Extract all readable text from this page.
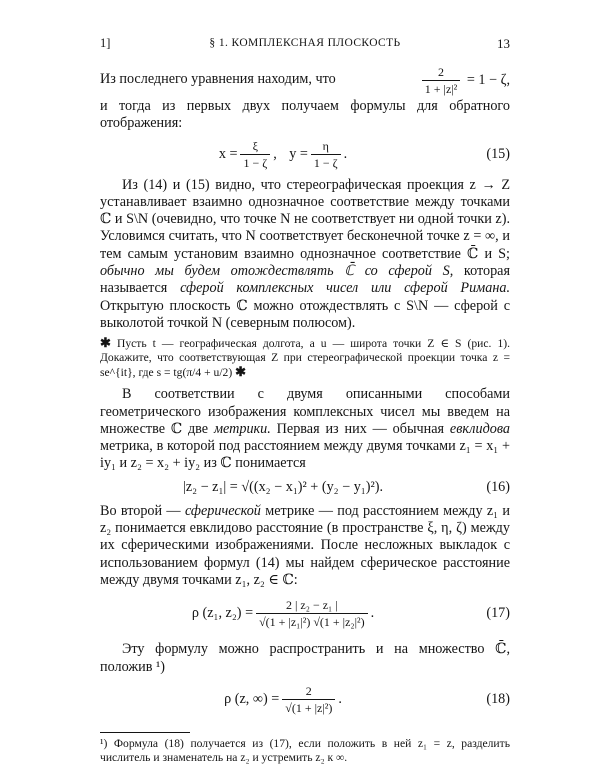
1]	§ 1. КОМПЛЕКСНАЯ ПЛОСКОСТЬ	13
Из последнего уравнения находим, что	$\frac{2}{\text{1 + |z|²}} = 1 - \zeta$,

и тогда из первых двух получаем формулы для обратного отображения:

$x = \frac{\xi}{1 - \zeta}$ , $y = \frac{\eta}{1 - \zeta}$ .	(15)

Из (14) и (15) видно, что стереографическая проекция z → Z устанавливает взаимно однозначное соответствие между точками ℂ и S\N (очевидно, что точке N не соответствует ни одной точки z). Условимся считать, что N соответствует бесконечной точке z = ∞, и тем самым установим взаимно однозначное соответствие ℂ̄ и S; обычно мы будем отождествлять ℂ̄ со сферой S, которая называется сферой комплексных чисел или сферой Римана. Открытую плоскость ℂ можно отождествлять с S\N — сферой с выколотой точкой N (северным полюсом).

✱ Пусть t — географическая долгота, а u — широта точки Z ∈ S (рис. 1). Докажите, что соответствующая Z при стереографической проекции точка z = se^{it}, где s = tg(π/4 + u/2) ✱

В соответствии с двумя описанными способами геометрического изображения комплексных чисел мы введем на множестве ℂ две метрики. Первая из них — обычная евклидова метрика, в которой под расстоянием между двумя точками z₁ = x₁ + iy₁ и z₂ = x₂ + iy₂ из ℂ понимается

|z₂ − z₁| = √((x₂ − x₁)² + (y₂ − y₁)²).	(16)

Во второй — сферической метрике — под расстоянием между z₁ и z₂ понимается евклидово расстояние (в пространстве ξ, η, ζ) между их сферическими изображениями. После несложных выкладок с использованием формул (14) мы найдем сферическое расстояние между двумя точками z₁, z₂ ∈ ℂ:

ρ (z₁, $z_2) = \frac{\text{2 | z₂ − z₁ |}}{\text{√(1 + |z₁|²) √(1 + |z₂|²)}}$ .	(17)

Эту формулу можно распространить и на множество ℂ̄, положив ¹)

ρ (z, ∞) = $\frac{2}{\text{√(1 + |z|²)}}$ .	(18)
¹) Формула (18) получается из (17), если положить в ней z₁ = z, разделить числитель и знаменатель на z₂ и устремить z₂ к ∞.
